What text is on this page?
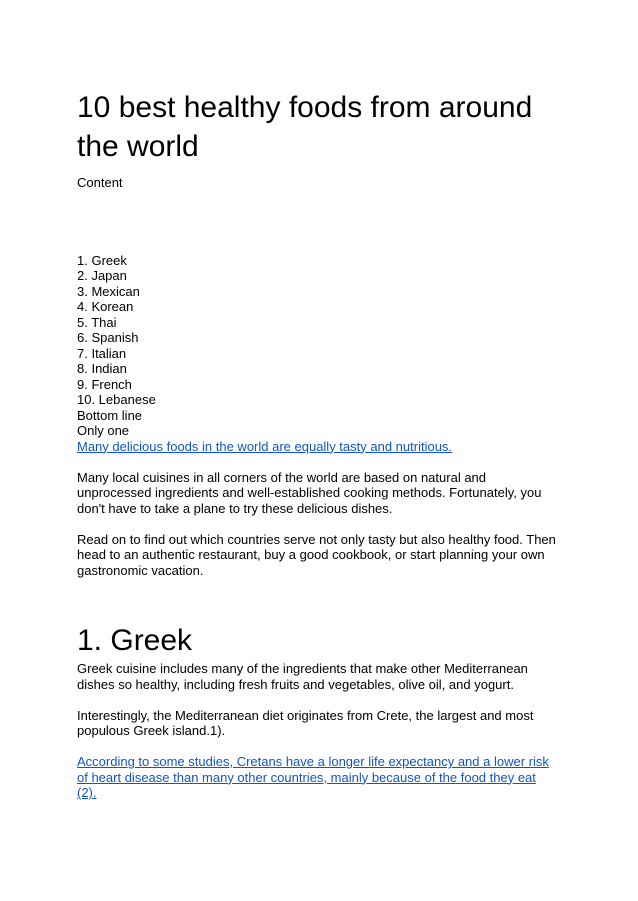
10 best healthy foods from around the world
Content
1. Greek
2. Japan
3. Mexican
4. Korean
5. Thai
6. Spanish
7. Italian
8. Indian
9. French
10. Lebanese
Bottom line
Only one
Many delicious foods in the world are equally tasty and nutritious.

Many local cuisines in all corners of the world are based on natural and unprocessed ingredients and well-established cooking methods. Fortunately, you don't have to take a plane to try these delicious dishes.

Read on to find out which countries serve not only tasty but also healthy food. Then head to an authentic restaurant, buy a good cookbook, or start planning your own gastronomic vacation.

1. Greek

Greek cuisine includes many of the ingredients that make other Mediterranean dishes so healthy, including fresh fruits and vegetables, olive oil, and yogurt.

Interestingly, the Mediterranean diet originates from Crete, the largest and most populous Greek island.1).

According to some studies, Cretans have a longer life expectancy and a lower risk of heart disease than many other countries, mainly because of the food they eat (2).
